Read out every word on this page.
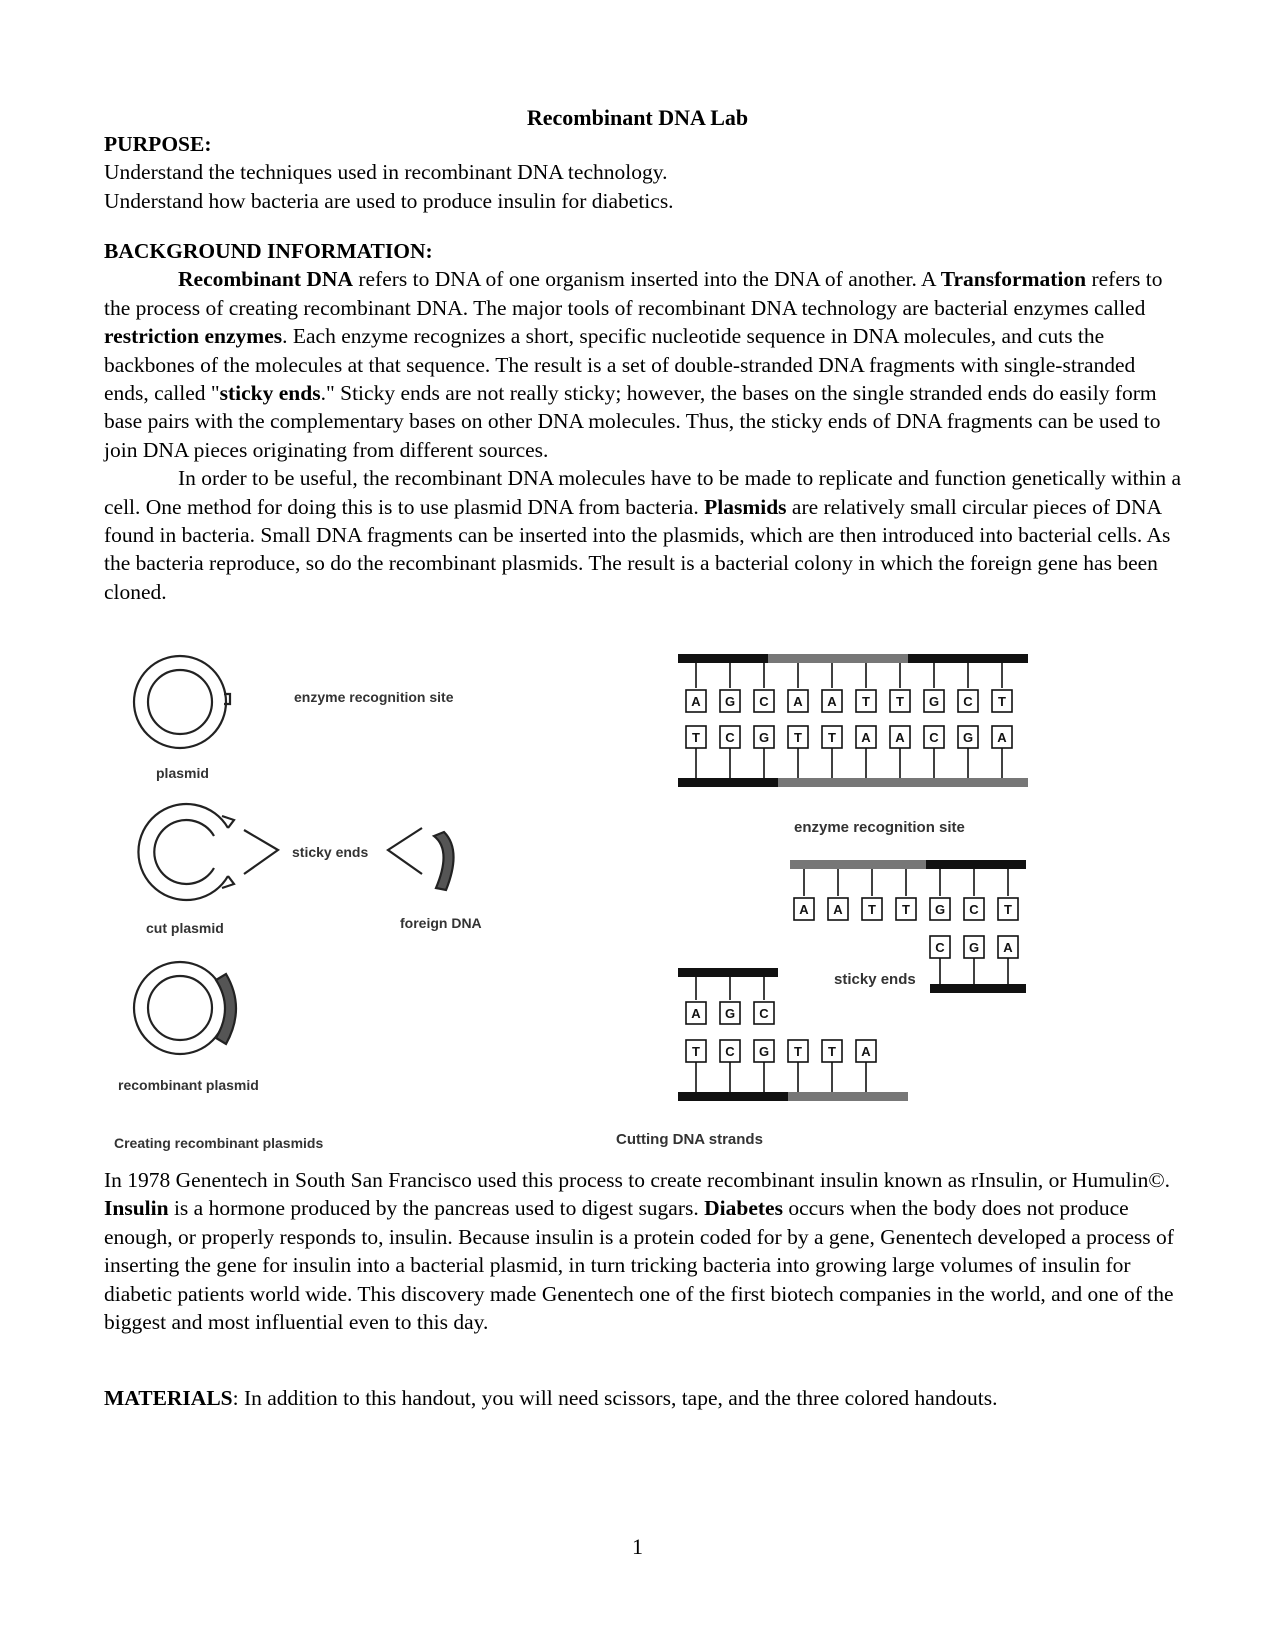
Recombinant DNA Lab

PURPOSE:

Understand the techniques used in recombinant DNA technology.

Understand how bacteria are used to produce insulin for diabetics.

BACKGROUND INFORMATION:

Recombinant DNA refers to DNA of one organism inserted into the DNA of another. A Transformation refers to the process of creating recombinant DNA. The major tools of recombinant DNA technology are bacterial enzymes called restriction enzymes. Each enzyme recognizes a short, specific nucleotide sequence in DNA molecules, and cuts the backbones of the molecules at that sequence. The result is a set of double-stranded DNA fragments with single-stranded ends, called "sticky ends." Sticky ends are not really sticky; however, the bases on the single stranded ends do easily form base pairs with the complementary bases on other DNA molecules. Thus, the sticky ends of DNA fragments can be used to join DNA pieces originating from different sources.

In order to be useful, the recombinant DNA molecules have to be made to replicate and function genetically within a cell. One method for doing this is to use plasmid DNA from bacteria. Plasmids are relatively small circular pieces of DNA found in bacteria. Small DNA fragments can be inserted into the plasmids, which are then introduced into bacterial cells. As the bacteria reproduce, so do the recombinant plasmids. The result is a bacterial colony in which the foreign gene has been cloned.

enzyme recognition site
plasmid
sticky ends
cut plasmid	foreign DNA
recombinant plasmid
Creating recombinant plasmids
A
T
G
C
C
G
A
T
A
T
T
A
T
A
G
C
C
G
T
A
enzyme recognition site
A A T T G
C
C
G
T
A
sticky ends
A
T
G
C
C
G T T A
Cutting DNA strands

In 1978 Genentech in South San Francisco used this process to create recombinant insulin known as rInsulin, or Humulin©. Insulin is a hormone produced by the pancreas used to digest sugars. Diabetes occurs when the body does not produce enough, or properly responds to, insulin. Because insulin is a protein coded for by a gene, Genentech developed a process of inserting the gene for insulin into a bacterial plasmid, in turn tricking bacteria into growing large volumes of insulin for diabetic patients world wide. This discovery made Genentech one of the first biotech companies in the world, and one of the biggest and most influential even to this day.

MATERIALS: In addition to this handout, you will need scissors, tape, and the three colored handouts.

1
